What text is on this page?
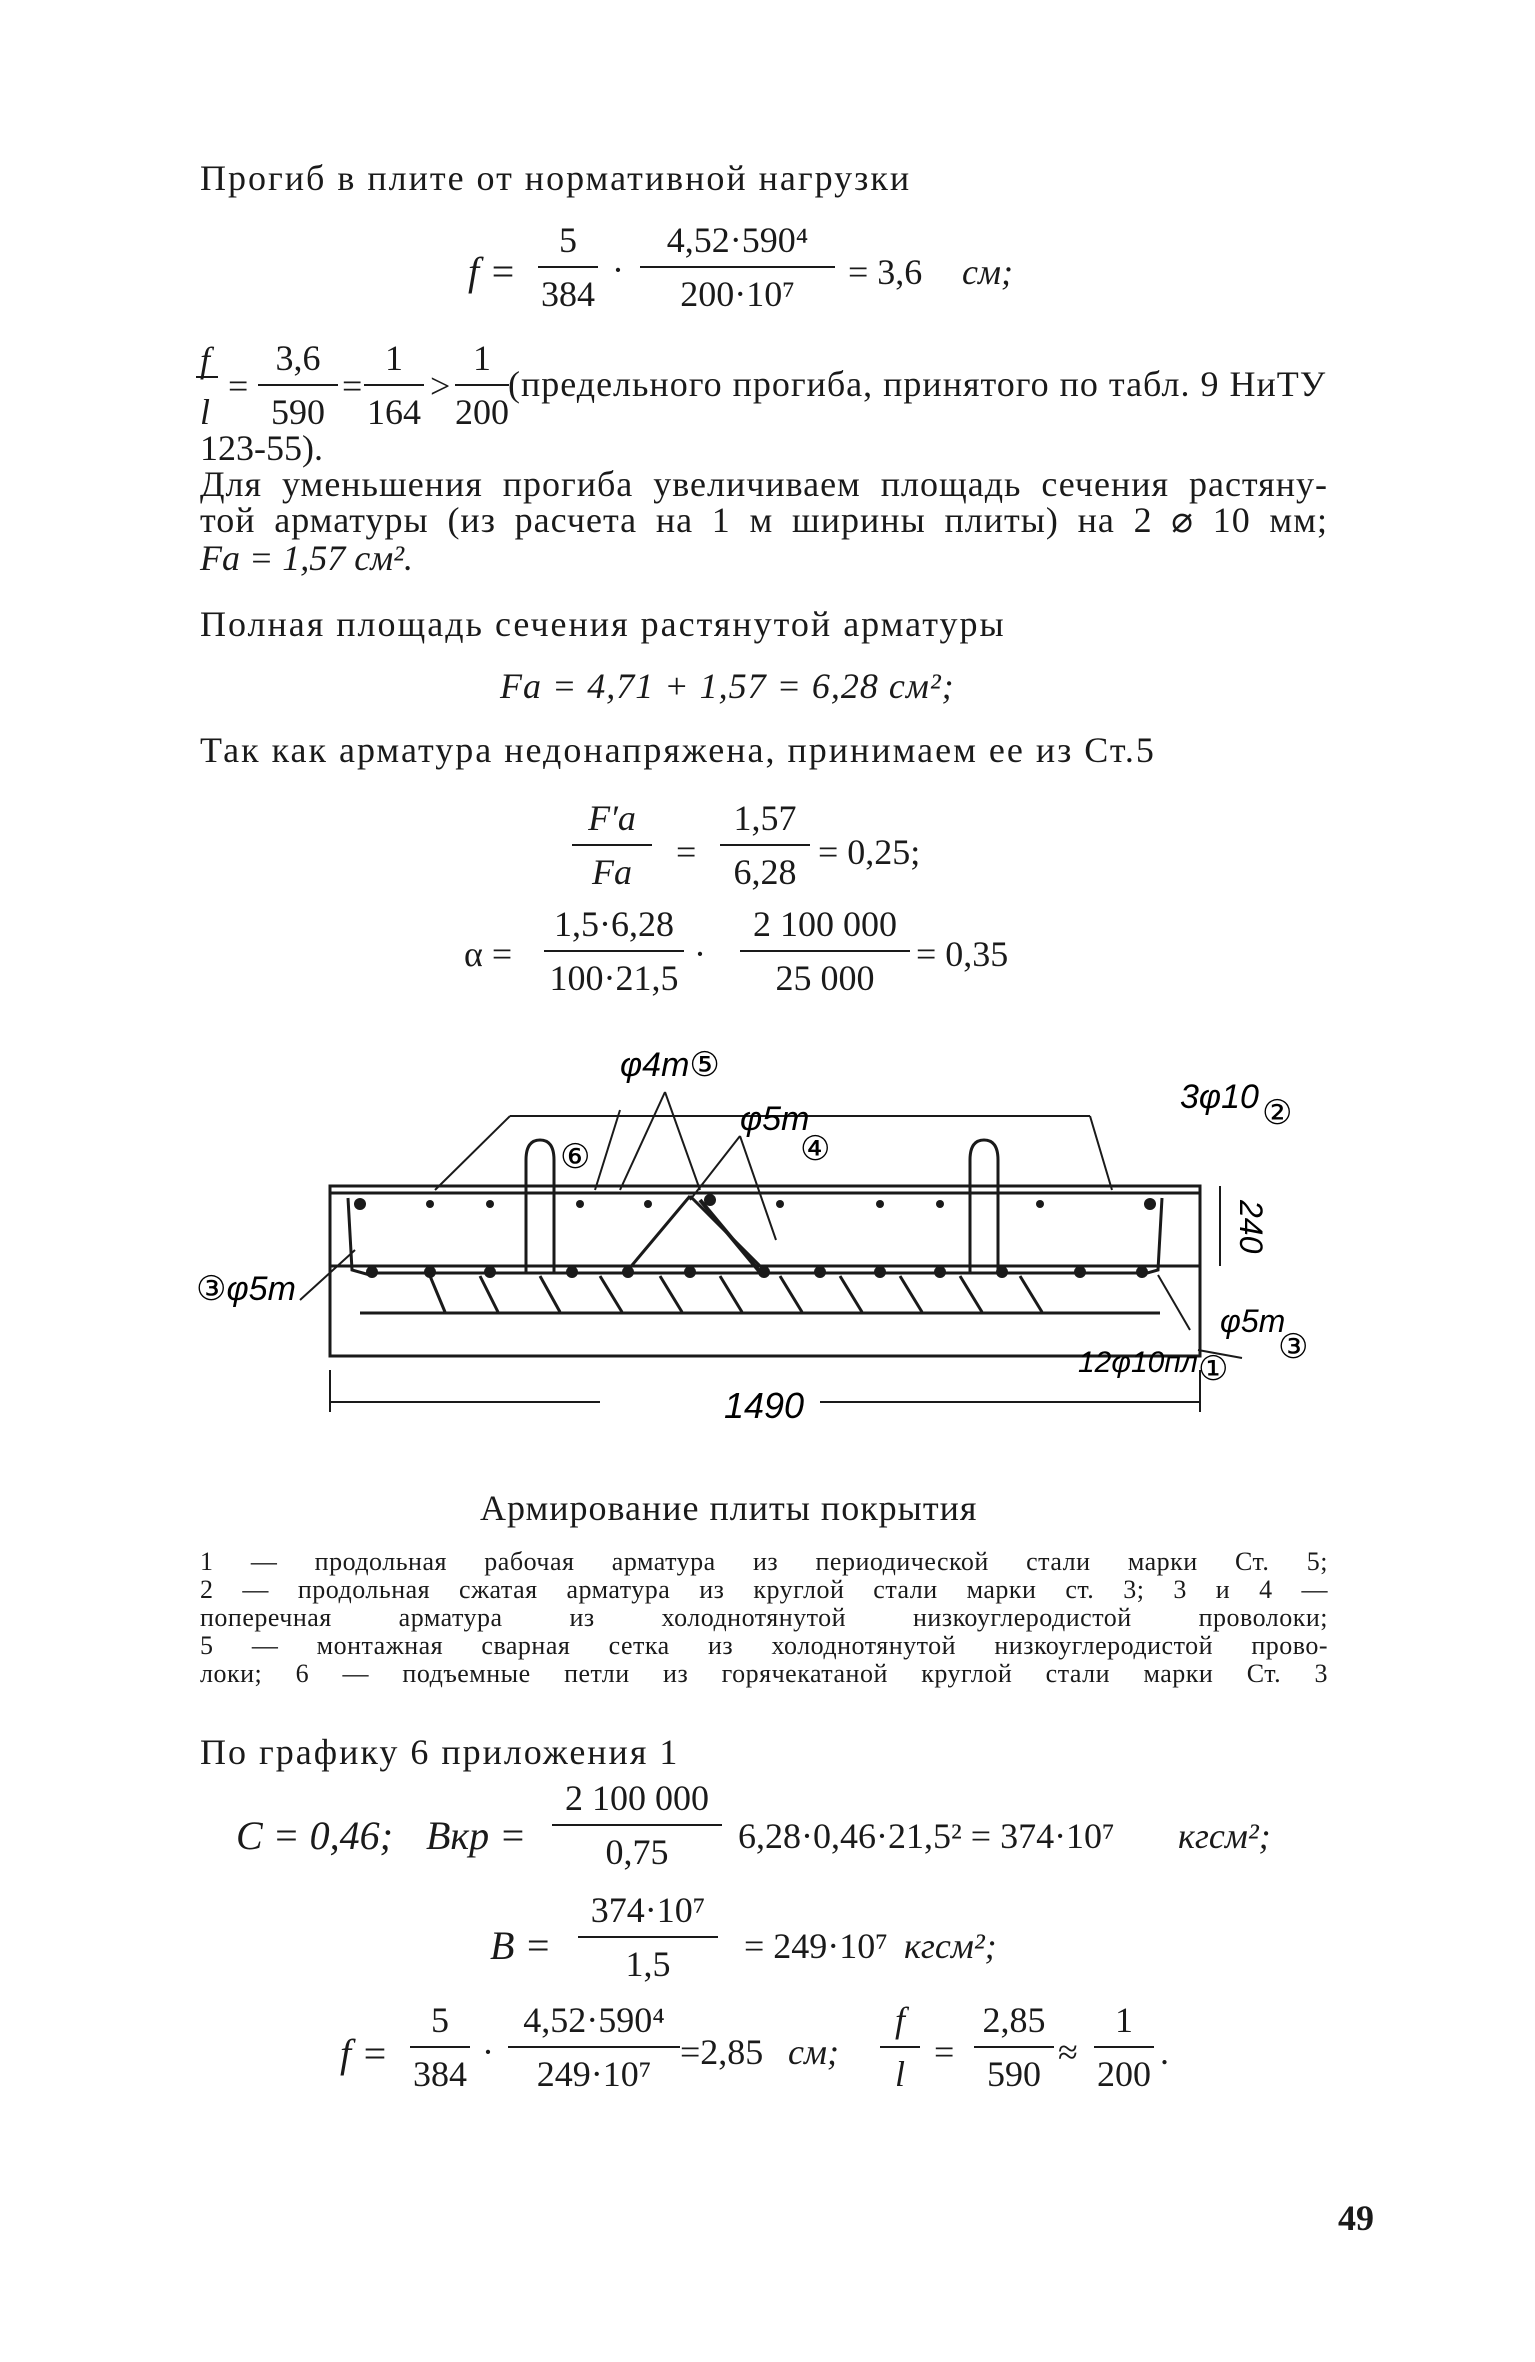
Прогиб в плите от нормативной нагрузки
$f = \frac{5}{384} \cdot \frac{\text{4,52·590⁴}}{\text{200·10⁷}} = 3,6$ см;
f
l
= $\frac{3,6}{590} = \frac{1}{164} > \frac{1}{200}$ (предельного прогиба, принятого по табл. 9 НиТУ
123-55).
Для уменьшения прогиба увеличиваем площадь сечения растяну-
той арматуры (из расчета на 1 м ширины плиты) на 2 ⌀ 10 мм;
Fа = 1,57 см².
Полная площадь сечения растянутой арматуры
Fа = 4,71 + 1,57 = 6,28 см²;
Так как арматура недонапряжена, принимаем ее из Ст.5
F′а
Fа	= $\frac{1,57}{6,28} = 0,25$;
$\alpha = \frac{1,5\cdot 6,28}{100\cdot 21,5} \cdot \frac{2 100 000}{25 000} = 0,35$
φ4т⑤
3φ10 ②
⑥
φ5т
④
③φ5т
240
φ5т
③
12φ10пл ①
1490
Армирование плиты покрытия
1 — продольная рабочая арматура из периодической стали марки Ст. 5;
2 — продольная сжатая арматура из круглой стали марки ст. 3; 3 и 4 —
поперечная арматура из холоднотянутой низкоуглеродистой проволоки;
5 — монтажная сварная сетка из холоднотянутой низкоуглеродистой прово-
локи; 6 — подъемные петли из горячекатаной круглой стали марки Ст. 3
По графику 6 приложения 1
C = 0,46; Bкр = $\frac{2 100 000}{0,75} 6,28\cdot 0,46\cdot 21,5^2 = 374\cdot 10^7$ кгсм²;
$B = \frac{\text{374·10⁷}}{1,5} = 249\cdot 10^7$ кгсм²;
$f = \frac{5}{384} \cdot \frac{\text{4,52·590⁴}}{\text{249·10⁷}} =2,85$ см; $\frac{f}{l} = \frac{2,85}{590} \approx \frac{1}{200}$ .
49
